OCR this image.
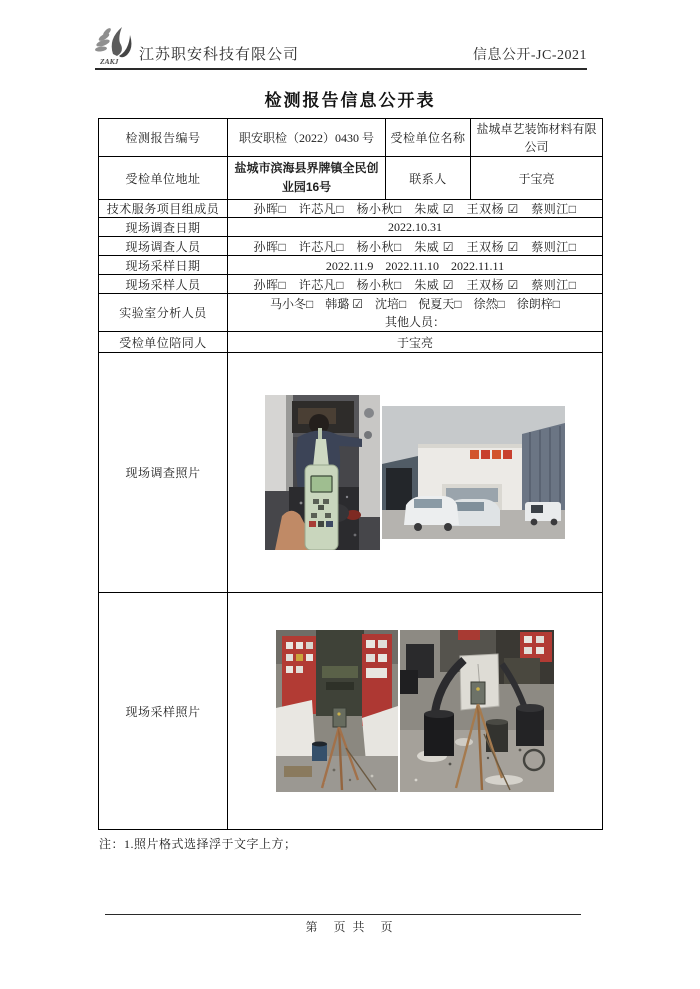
ZAKJ 江苏职安科技有限公司	信息公开-JC-2021
检测报告信息公开表
检测报告编号	职安职检（2022）0430 号	受检单位名称	盐城卓艺装饰材料有限公司
受检单位地址	盐城市滨海县界牌镇全民创业园16号	联系人	于宝亮
技术服务项目组成员	孙晖□　许芯凡□　杨小秋□　朱威 ☑　王双杨 ☑　蔡则江□		
现场调查日期	2022.10.31		
现场调查人员	孙晖□　许芯凡□　杨小秋□　朱威 ☑　王双杨 ☑　蔡则江□		
现场采样日期	2022.11.9　2022.11.10　2022.11.11		
现场采样人员	孙晖□　许芯凡□　杨小秋□　朱威 ☑　王双杨 ☑　蔡则江□		
实验室分析人员	马小冬□　韩璐 ☑　沈培□　倪夏天□　徐然□　徐朗梓□
其他人员：		

受检单位陪同人	于宝亮		
现场调查照片	

现场采样照片	
注：1.照片格式选择浮于文字上方；
第　页 共　页
